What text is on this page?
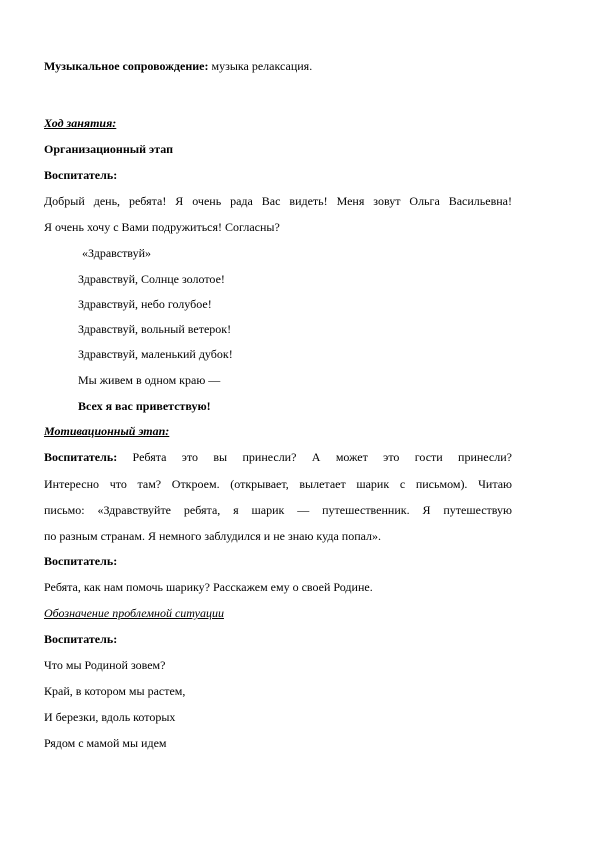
Музыкальное сопровождение: музыка релаксация.
Ход занятия:
Организационный этап
Воспитатель:
Добрый день, ребята! Я очень рада Вас видеть! Меня зовут Ольга Васильевна!
Я очень хочу с Вами подружиться! Согласны?
«Здравствуй»
Здравствуй, Солнце золотое!
Здравствуй, небо голубое!
Здравствуй, вольный ветерок!
Здравствуй, маленький дубок!
Мы живем в одном краю —
Всех я вас приветствую!
Мотивационный этап:
Воспитатель: Ребята это вы принесли? А может это гости принесли?
Интересно что там? Откроем. (открывает, вылетает шарик с письмом). Читаю
письмо: «Здравствуйте ребята, я шарик — путешественник. Я путешествую
по разным странам. Я немного заблудился и не знаю куда попал».
Воспитатель:
Ребята, как нам помочь шарику? Расскажем ему о своей Родине.
Обозначение проблемной ситуации
Воспитатель:
Что мы Родиной зовем?
Край, в котором мы растем,
И березки, вдоль которых
Рядом с мамой мы идем
